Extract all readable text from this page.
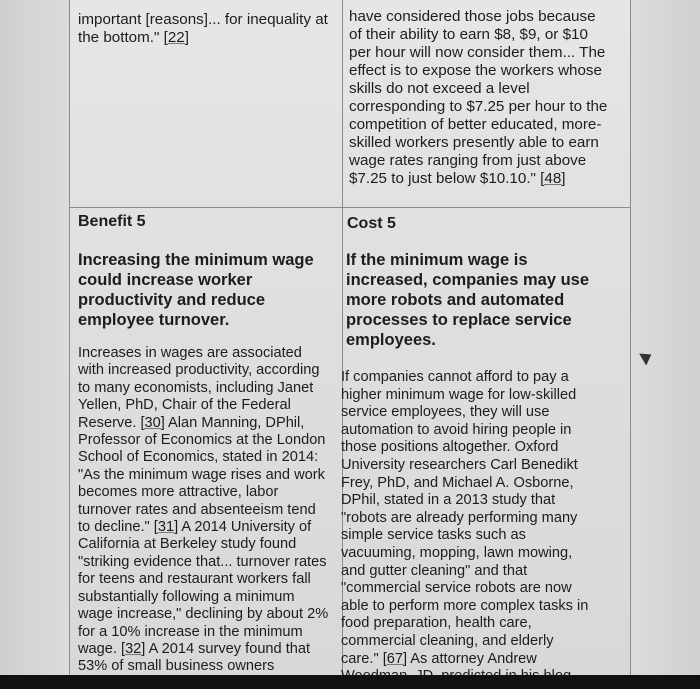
important [reasons]... for inequality at
the bottom." [22]
have considered those jobs because
of their ability to earn $8, $9, or $10
per hour will now consider them... The
effect is to expose the workers whose
skills do not exceed a level
corresponding to $7.25 per hour to the
competition of better educated, more-
skilled workers presently able to earn
wage rates ranging from just above
$7.25 to just below $10.10." [48]
Benefit 5	Cost 5
Increasing the minimum wage
could increase worker
productivity and reduce
employee turnover.
If the minimum wage is
increased, companies may use
more robots and automated
processes to replace service
employees.
Increases in wages are associated
with increased productivity, according
to many economists, including Janet
Yellen, PhD, Chair of the Federal
Reserve. [30] Alan Manning, DPhil,
Professor of Economics at the London
School of Economics, stated in 2014:
"As the minimum wage rises and work
becomes more attractive, labor
turnover rates and absenteeism tend
to decline." [31] A 2014 University of
California at Berkeley study found
"striking evidence that... turnover rates
for teens and restaurant workers fall
substantially following a minimum
wage increase," declining by about 2%
for a 10% increase in the minimum
wage. [32] A 2014 survey found that
53% of small business owners
If companies cannot afford to pay a
higher minimum wage for low-skilled
service employees, they will use
automation to avoid hiring people in
those positions altogether. Oxford
University researchers Carl Benedikt
Frey, PhD, and Michael A. Osborne,
DPhil, stated in a 2013 study that
"robots are already performing many
simple service tasks such as
vacuuming, mopping, lawn mowing,
and gutter cleaning" and that
"commercial service robots are now
able to perform more complex tasks in
food preparation, health care,
commercial cleaning, and elderly
care." [67] As attorney Andrew
